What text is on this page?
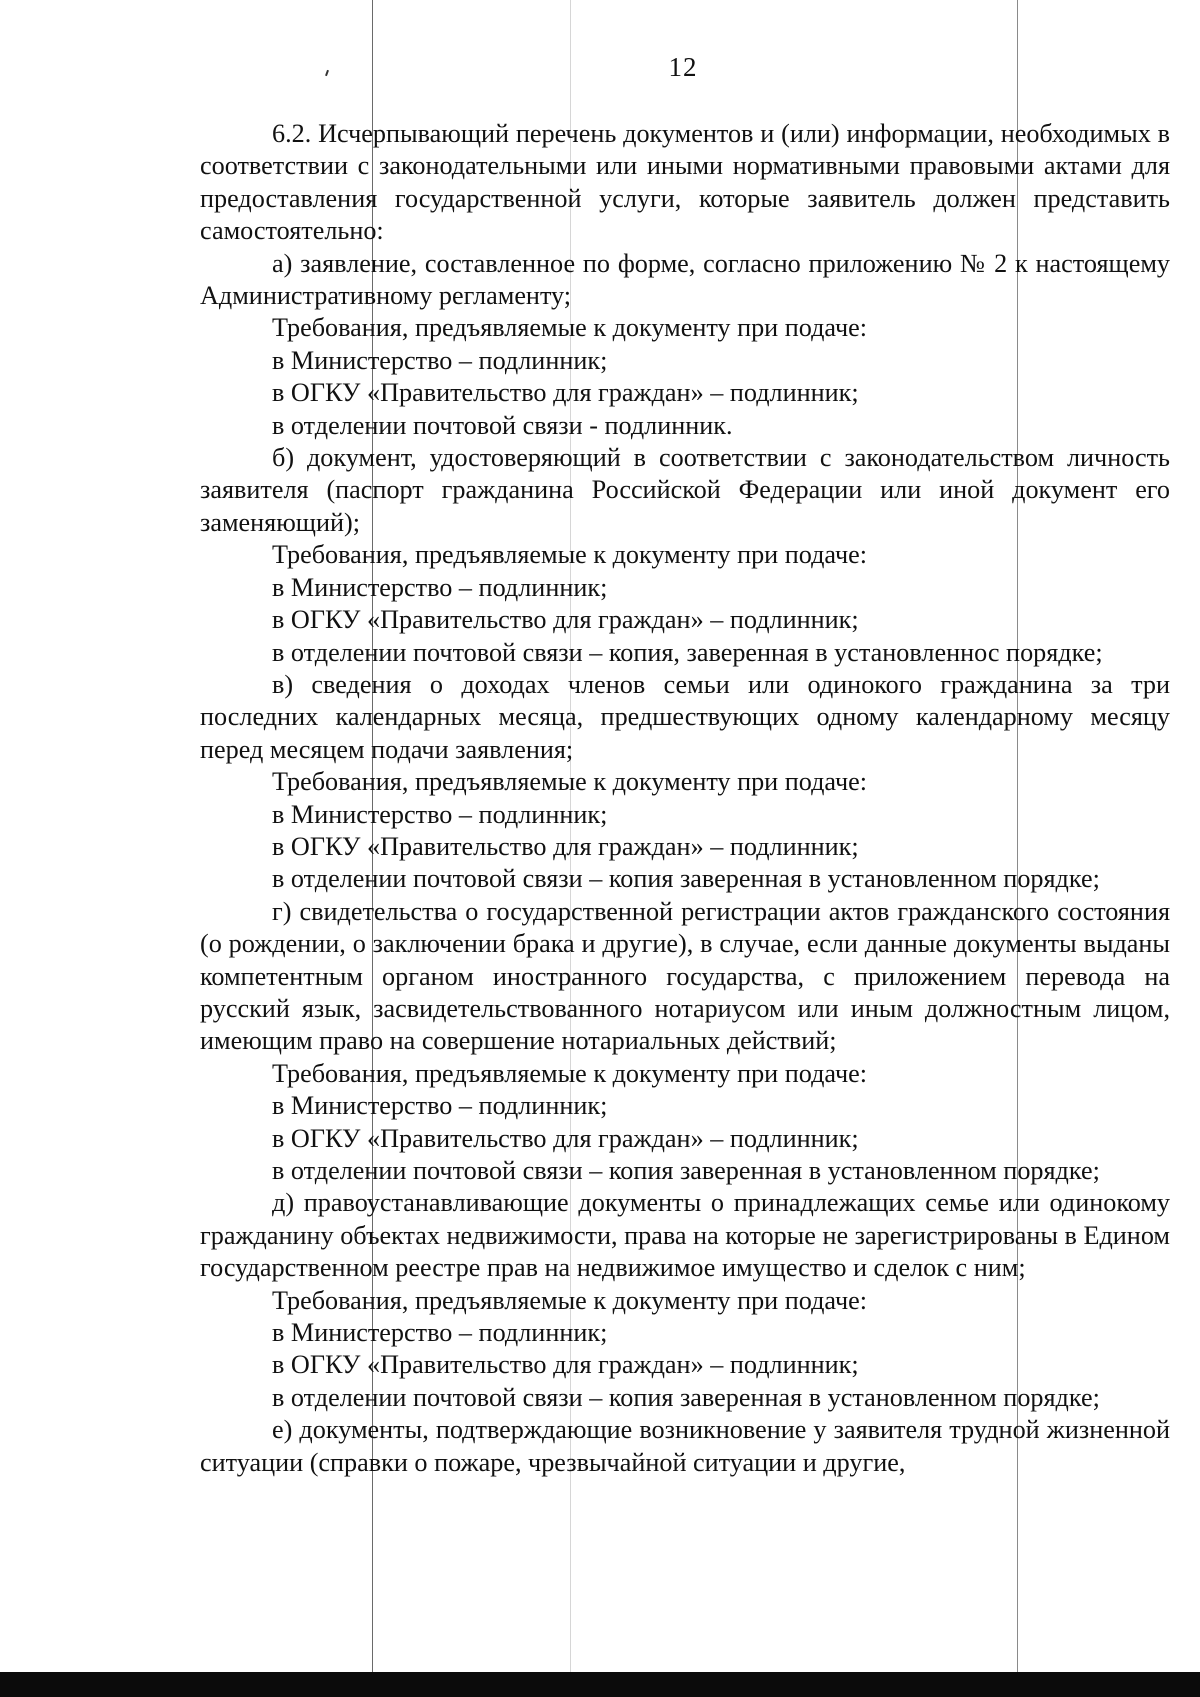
12

6.2. Исчерпывающий перечень документов и (или) информации, необходимых в соответствии с законодательными или иными нормативными правовыми актами для предоставления государственной услуги, которые заявитель должен представить самостоятельно:

а) заявление, составленное по форме, согласно приложению № 2 к настоящему Административному регламенту;

Требования, предъявляемые к документу при подаче:

в Министерство – подлинник;

в ОГКУ «Правительство для граждан» – подлинник;

в отделении почтовой связи - подлинник.

б) документ, удостоверяющий в соответствии с законодательством личность заявителя (паспорт гражданина Российской Федерации или иной документ его заменяющий);

Требования, предъявляемые к документу при подаче:

в Министерство – подлинник;

в ОГКУ «Правительство для граждан» – подлинник;

в отделении почтовой связи – копия, заверенная в установленнос порядке;

в) сведения о доходах членов семьи или одинокого гражданина за три последних календарных месяца, предшествующих одному календарному месяцу перед месяцем подачи заявления;

Требования, предъявляемые к документу при подаче:

в Министерство – подлинник;

в ОГКУ «Правительство для граждан» – подлинник;

в отделении почтовой связи – копия заверенная в установленном порядке;

г) свидетельства о государственной регистрации актов гражданского состояния (о рождении, о заключении брака и другие), в случае, если данные документы выданы компетентным органом иностранного государства, с приложением перевода на русский язык, засвидетельствованного нотариусом или иным должностным лицом, имеющим право на совершение нотариальных действий;

Требования, предъявляемые к документу при подаче:

в Министерство – подлинник;

в ОГКУ «Правительство для граждан» – подлинник;

в отделении почтовой связи – копия заверенная в установленном порядке;

д) правоустанавливающие документы о принадлежащих семье или одинокому гражданину объектах недвижимости, права на которые не зарегистрированы в Едином государственном реестре прав на недвижимое имущество и сделок с ним;

Требования, предъявляемые к документу при подаче:

в Министерство – подлинник;

в ОГКУ «Правительство для граждан» – подлинник;

в отделении почтовой связи – копия заверенная в установленном порядке;

е) документы, подтверждающие возникновение у заявителя трудной жизненной ситуации (справки о пожаре, чрезвычайной ситуации и другие,
